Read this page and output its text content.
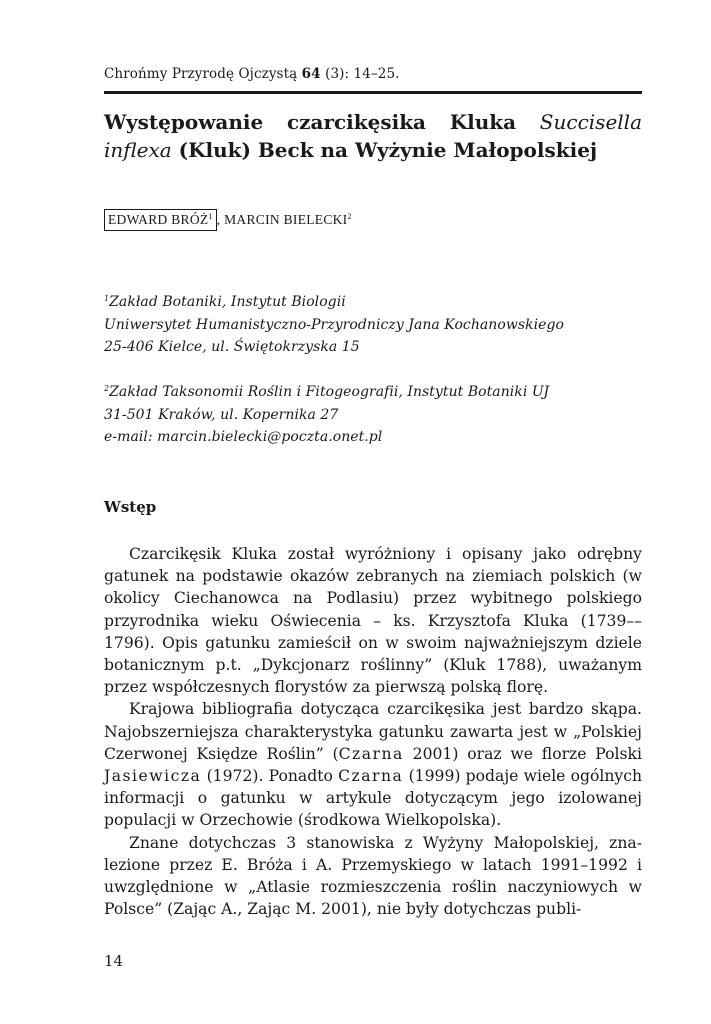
Chrońmy Przyrodę Ojczystą 64 (3): 14–25.
Występowanie czarcikęsika Kluka Succisella inflexa (Kluk) Beck na Wyżynie Małopolskiej
EDWARD BRÓŻ$^1$ , MARCIN BIELECKI$^2$
$^1$Zakład Botaniki, Instytut Biologii
Uniwersytet Humanistyczno-Przyrodniczy Jana Kochanowskiego
25-406 Kielce, ul. Świętokrzyska 15
$^2$Zakład Taksonomii Roślin i Fitogeografii, Instytut Botaniki UJ
31-501 Kraków, ul. Kopernika 27
e-mail: marcin.bielecki@poczta.onet.pl
Wstęp

Czarcikęsik Kluka został wyróżniony i opisany jako odrębny gatunek na podstawie okazów zebranych na ziemiach polskich (w okolicy Ciechanowca na Podlasiu) przez wybitnego polskiego przyrodnika wieku Oświecenia – ks. Krzysztofa Kluka (1739––1796). Opis gatunku zamieścił on w swoim najważniejszym dziele botanicznym p.t. „Dykcjonarz roślinny” (Kluk 1788), uważanym przez współczesnych florystów za pierwszą polską florę.

Krajowa bibliografia dotycząca czarcikęsika jest bardzo skąpa. Najobszerniejsza charakterystyka gatunku zawarta jest w „Polskiej Czerwonej Księdze Roślin” (Czarna 2001) oraz we florze Polski Jasiewicza (1972). Ponadto Czarna (1999) podaje wiele ogólnych informacji o gatunku w artykule dotyczącym jego izolowanej populacji w Orzechowie (środkowa Wielkopolska).

Znane dotychczas 3 stanowiska z Wyżyny Małopolskiej, znalezione przez E. Bróża i A. Przemyskiego w latach 1991–1992 i uwzględnione w „Atlasie rozmieszczenia roślin naczyniowych w Polsce” (Zając A., Zając M. 2001), nie były dotychczas publi-

14
